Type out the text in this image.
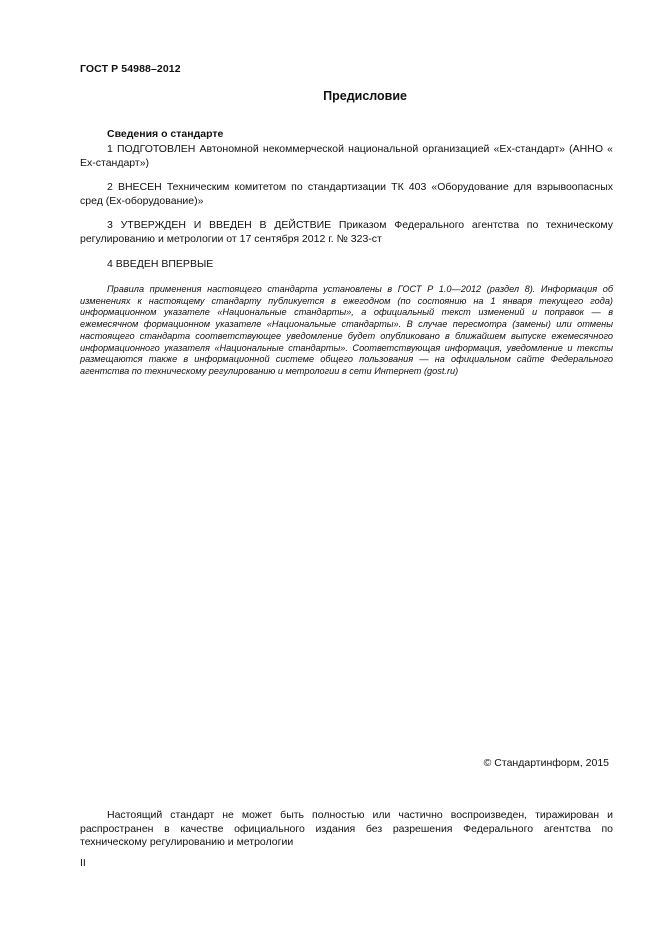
ГОСТ Р 54988–2012
Предисловие
Сведения о стандарте

1 ПОДГОТОВЛЕН Автономной некоммерческой национальной организацией «Ех-стандарт» (АННО « Ех-стандарт»)

2 ВНЕСЕН Техническим комитетом по стандартизации ТК 403 «Оборудование для взрывоопасных сред (Ех-оборудование)»

3 УТВЕРЖДЕН И ВВЕДЕН В ДЕЙСТВИЕ Приказом Федерального агентства по техническому регулированию и метрологии от 17 сентября 2012 г. № 323-ст

4 ВВЕДЕН ВПЕРВЫЕ

Правила применения настоящего стандарта установлены в ГОСТ Р 1.0—2012 (раздел 8). Информация об изменениях к настоящему стандарту публикуется в ежегодном (по состоянию на 1 января текущего года) информационном указателе «Национальные стандарты», а официальный текст изменений и поправок — в ежемесячном формационном указателе «Национальные стандарты». В случае пересмотра (замены) или отмены настоящего стандарта соответствующее уведомление будет опубликовано в ближайшем выпуске ежемесячного информационного указателя «Национальные стандарты». Соответствующая информация, уведомление и тексты размещаются также в информационной системе общего пользования — на официальном сайте Федерального агентства по техническому регулированию и метрологии в сети Интернет (gost.ru)

© Стандартинформ, 2015

Настоящий стандарт не может быть полностью или частично воспроизведен, тиражирован и распространен в качестве официального издания без разрешения Федерального агентства по техническому регулированию и метрологии

II
